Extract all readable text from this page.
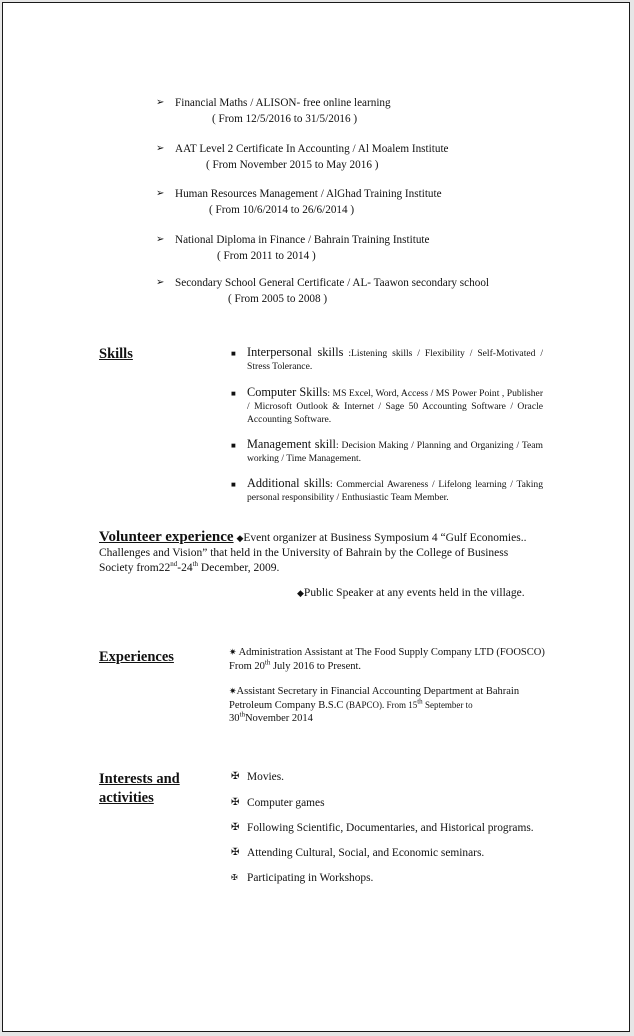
➢ Financial Maths / ALISON- free online learning
( From 12/5/2016 to 31/5/2016 )
➢ AAT Level 2 Certificate In Accounting / Al Moalem Institute
( From November 2015 to May 2016 )
➢ Human Resources Management / AlGhad Training Institute
( From 10/6/2014 to 26/6/2014 )
➢ National Diploma in Finance / Bahrain Training Institute
( From 2011 to 2014 )
➢ Secondary School General Certificate / AL- Taawon secondary school
( From 2005 to 2008 )
Skills	■ Interpersonal skills :Listening skills / Flexibility / Self-Motivated / Stress Tolerance.
■ Computer Skills: MS Excel, Word, Access / MS Power Point , Publisher / Microsoft Outlook & Internet / Sage 50 Accounting Software / Oracle Accounting Software.
■ Management skill: Decision Making / Planning and Organizing / Team working / Time Management.
■ Additional skills: Commercial Awareness / Lifelong learning / Taking personal responsibility / Enthusiastic Team Member.
Volunteer experience ◆Event organizer at Business Symposium 4 “Gulf Economies.. Challenges and Vision” that held in the University of Bahrain by the College of Business Society from22nd-24th December, 2009.
◆Public Speaker at any events held in the village.
Experiences	✷ Administration Assistant at The Food Supply Company LTD (FOOSCO) From 20th July 2016 to Present.
✷Assistant Secretary in Financial Accounting Department at Bahrain Petroleum Company B.S.C (BAPCO). From 15th September to
30thNovember 2014
Interests and
activities
✠ Movies.
✠ Computer games
✠ Following Scientific, Documentaries, and Historical programs.
✠ Attending Cultural, Social, and Economic seminars.
✠ Participating in Workshops.
